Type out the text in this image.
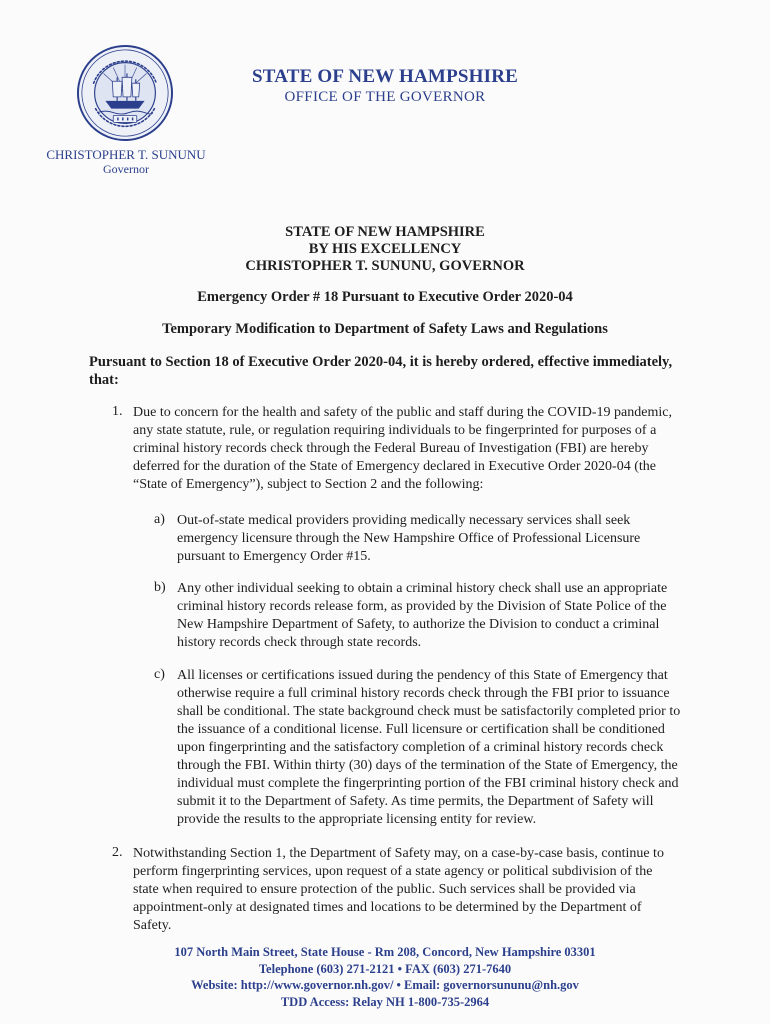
STATE OF NEW HAMPSHIRE
OFFICE OF THE GOVERNOR
CHRISTOPHER T. SUNUNU
Governor
STATE OF NEW HAMPSHIRE
BY HIS EXCELLENCY
CHRISTOPHER T. SUNUNU, GOVERNOR
Emergency Order # 18 Pursuant to Executive Order 2020-04
Temporary Modification to Department of Safety Laws and Regulations
Pursuant to Section 18 of Executive Order 2020-04, it is hereby ordered, effective immediately, that:
1. Due to concern for the health and safety of the public and staff during the COVID-19 pandemic, any state statute, rule, or regulation requiring individuals to be fingerprinted for purposes of a criminal history records check through the Federal Bureau of Investigation (FBI) are hereby deferred for the duration of the State of Emergency declared in Executive Order 2020-04 (the “State of Emergency”), subject to Section 2 and the following:
a) Out-of-state medical providers providing medically necessary services shall seek emergency licensure through the New Hampshire Office of Professional Licensure pursuant to Emergency Order #15.
b) Any other individual seeking to obtain a criminal history check shall use an appropriate criminal history records release form, as provided by the Division of State Police of the New Hampshire Department of Safety, to authorize the Division to conduct a criminal history records check through state records.
c) All licenses or certifications issued during the pendency of this State of Emergency that otherwise require a full criminal history records check through the FBI prior to issuance shall be conditional. The state background check must be satisfactorily completed prior to the issuance of a conditional license. Full licensure or certification shall be conditioned upon fingerprinting and the satisfactory completion of a criminal history records check through the FBI. Within thirty (30) days of the termination of the State of Emergency, the individual must complete the fingerprinting portion of the FBI criminal history check and submit it to the Department of Safety. As time permits, the Department of Safety will provide the results to the appropriate licensing entity for review.
2. Notwithstanding Section 1, the Department of Safety may, on a case-by-case basis, continue to perform fingerprinting services, upon request of a state agency or political subdivision of the state when required to ensure protection of the public. Such services shall be provided via appointment-only at designated times and locations to be determined by the Department of Safety.
107 North Main Street, State House - Rm 208, Concord, New Hampshire 03301
Telephone (603) 271-2121 • FAX (603) 271-7640
Website: http://www.governor.nh.gov/ • Email: governorsununu@nh.gov
TDD Access: Relay NH 1-800-735-2964
